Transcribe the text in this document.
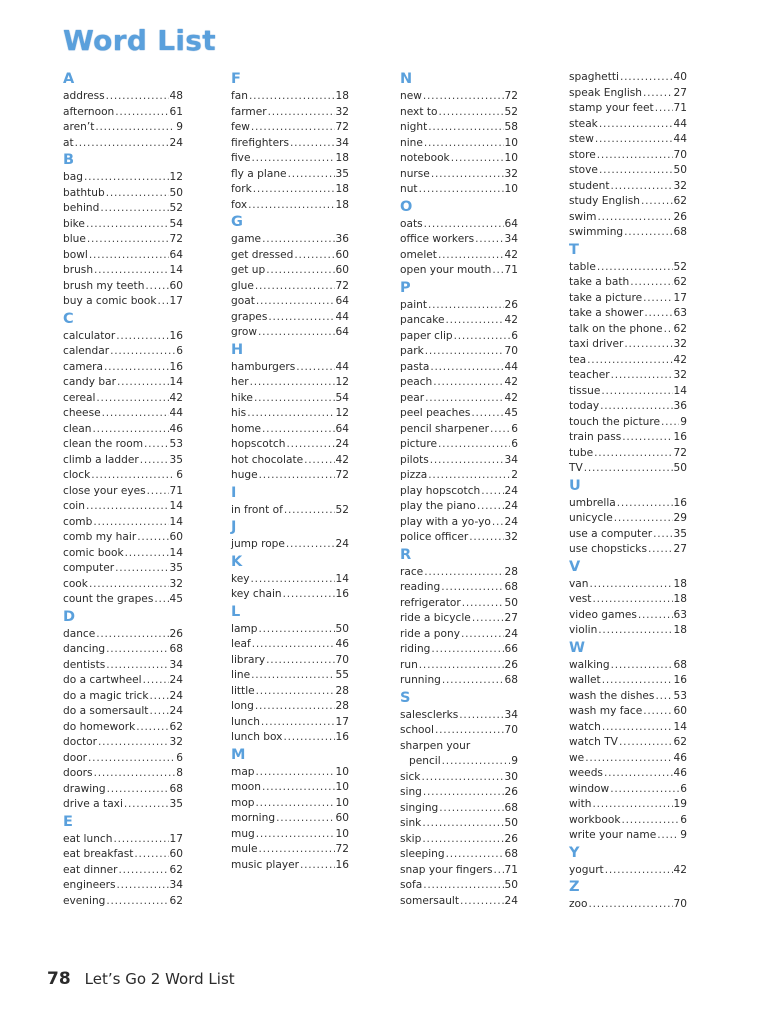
Word List
A
address . . .	48
afternoon . . .	61
aren’t . . .	9
at . . .	24
B
bag . . .	12
bathtub . . .	50
behind . . .	52
bike . . .	54
blue . . .	72
bowl . . .	64
brush . . .	14
brush my teeth . . . 60
buy a comic book . . . 17
C
calculator . . .	16
calendar . . .	6
camera . . .	16
candy bar . . .	14
cereal . . .	42
cheese . . .	44
clean . . .	46
clean the room . . . 53
climb a ladder . . .	35
clock . . .	6
close your eyes . . . 71
coin . . .	14
comb . . .	14
comb my hair . . .	60
comic book . . .	14
computer . . .	35
cook . . .	32
count the grapes . . . 45
D
dance . . .	26
dancing . . .	68
dentists . . .	34
do a cartwheel . . .	24
do a magic trick . . . 24
do a somersault . . . 24
do homework . . .	62
doctor . . .	32
door . . .	6
doors . . .	8
drawing . . .	68
drive a taxi . . .	35
E
eat lunch . . .	17
eat breakfast . . .	60
eat dinner . . .	62
engineers . . .	34
evening . . .	62
F
fan . . .	18
farmer . . .	32
few . . .	72
firefighters . . .	34
five . . .	18
fly a plane . . .	35
fork . . .	18
fox . . .	18
G
game . . .	36
get dressed . . .	60
get up . . .	60
glue . . .	72
goat . . .	64
grapes . . .	44
grow . . .	64
H
hamburgers . . .	44
her . . .	12
hike . . .	54
his . . .	12
home . . .	64
hopscotch . . .	24
hot chocolate . . .	42
huge . . .	72
I
in front of . . .	52
J
jump rope . . .	24
K
key . . .	14
key chain . . .	16
L
lamp . . .	50
leaf . . .	46
library . . .	70
line . . .	55
little . . .	28
long . . .	28
lunch . . .	17
lunch box . . .	16
M
map . . .	10
moon . . .	10
mop . . .	10
morning . . .	60
mug . . .	10
mule . . .	72
music player . . .	16
N
new . . .	72
next to . . .	52
night . . .	58
nine . . .	10
notebook . . .	10
nurse . . .	32
nut . . .	10
O
oats . . .	64
office workers . . .	34
omelet . . .	42
open your mouth . . . 71
P
paint . . .	26
pancake . . .	42
paper clip . . .	6
park . . .	70
pasta . . .	44
peach . . .	42
pear . . .	42
peel peaches . . .	45
pencil sharpener . . . 6
picture . . .	6
pilots . . .	34
pizza . . .	2
play hopscotch . . . 24
play the piano . . .	24
play with a yo-yo . . . 24
police officer . . .	32
R
race . . .	28
reading . . .	68
refrigerator . . .	50
ride a bicycle . . .	27
ride a pony . . .	24
riding . . .	66
run . . .	26
running . . .	68
S
salesclerks . . .	34
school . . .	70
sharpen your
pencil . . .	9
sick . . .	30
sing . . .	26
singing . . .	68
sink . . .	50
skip . . .	26
sleeping . . .	68
snap your fingers . . . 71
sofa . . .	50
somersault . . .	24
spaghetti . . .	40
speak English . . .	27
stamp your feet . . . 71
steak . . .	44
stew . . .	44
store . . .	70
stove . . .	50
student . . .	32
study English . . .	62
swim . . .	26
swimming . . .	68
T
table . . .	52
take a bath . . .	62
take a picture . . .	17
take a shower . . .	63
talk on the phone . . . 62
taxi driver . . .	32
tea . . .	42
teacher . . .	32
tissue . . .	14
today . . .	36
touch the picture . . . 9
train pass . . .	16
tube . . .	72
TV . . .	50
U
umbrella . . .	16
unicycle . . .	29
use a computer . . . 35
use chopsticks . . .	27
V
van . . .	18
vest . . .	18
video games . . .	63
violin . . .	18
W
walking . . .	68
wallet . . .	16
wash the dishes . . . 53
wash my face . . .	60
watch . . .	14
watch TV . . .	62
we . . .	46
weeds . . .	46
window . . .	6
with . . .	19
workbook . . .	6
write your name . . . 9
Y
yogurt . . .	42
Z
zoo . . .	70
78 Let’s Go 2 Word List
